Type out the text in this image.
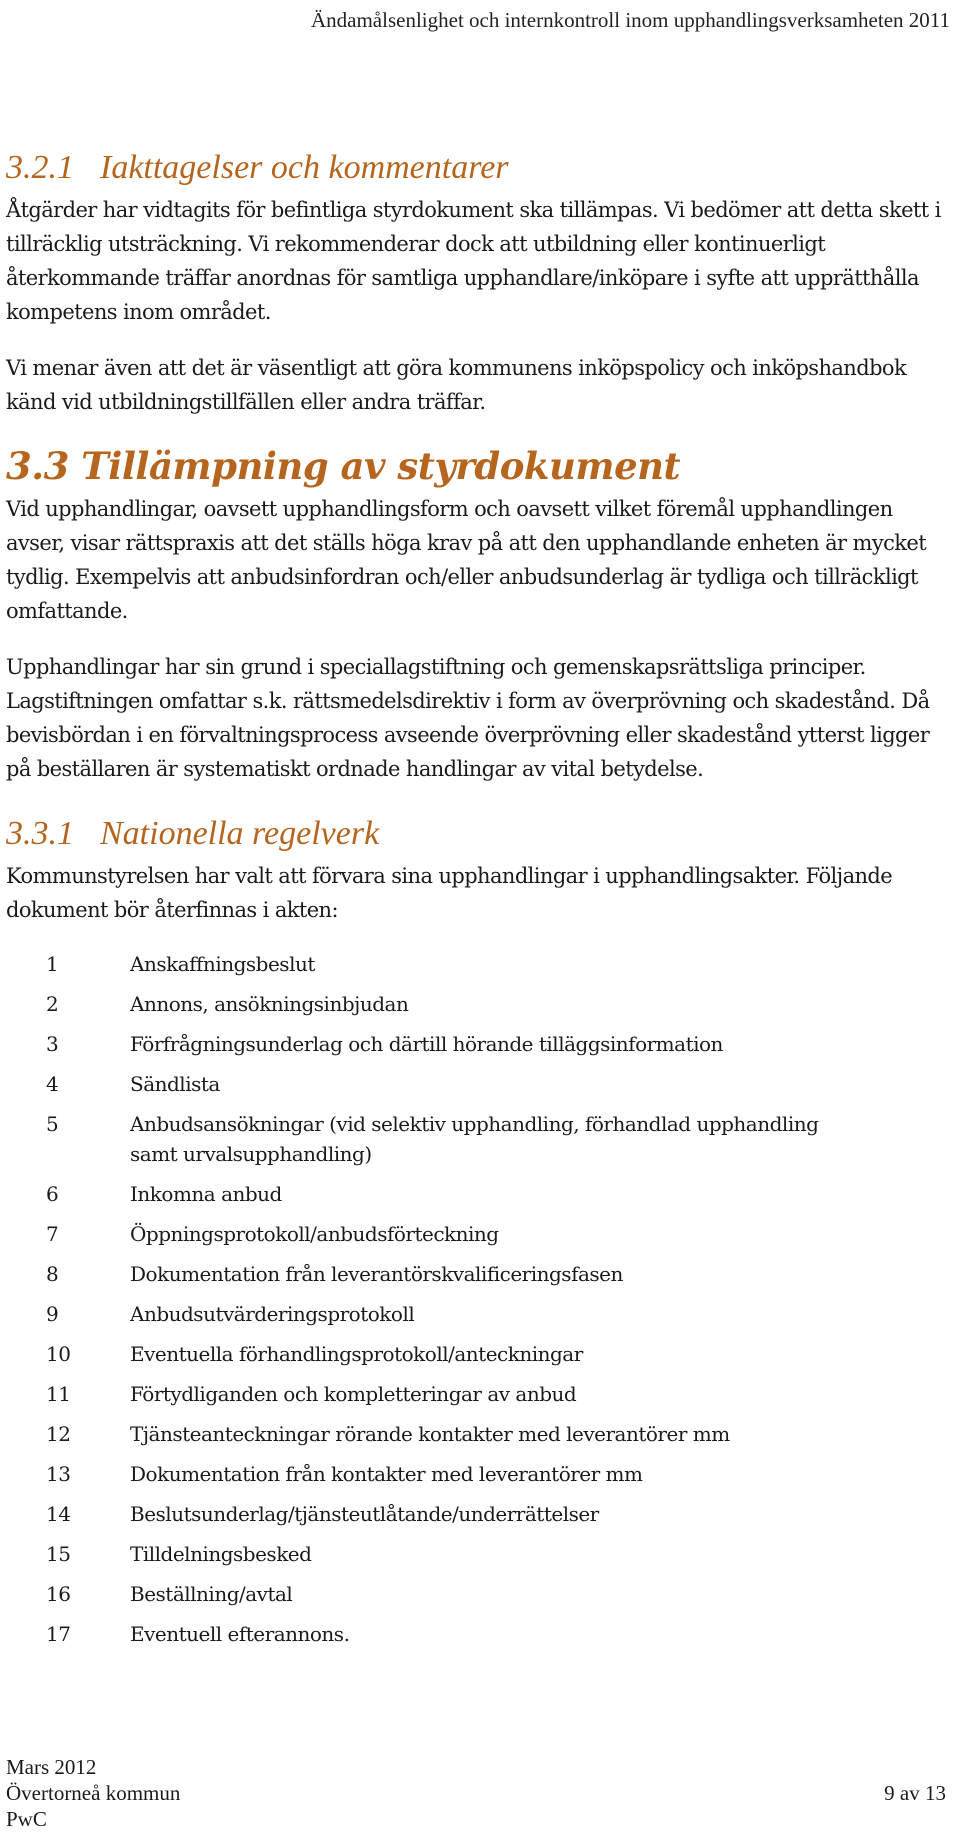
Ändamålsenlighet och internkontroll inom upphandlingsverksamheten 2011
3.2.1 Iakttagelser och kommentarer

Åtgärder har vidtagits för befintliga styrdokument ska tillämpas. Vi bedömer att detta skett i tillräcklig utsträckning. Vi rekommenderar dock att utbildning eller kontinuerligt återkommande träffar anordnas för samtliga upphandlare/inköpare i syfte att upprätthålla kompetens inom området.

Vi menar även att det är väsentligt att göra kommunens inköpspolicy och inköpshandbok känd vid utbildningstillfällen eller andra träffar.

3.3 Tillämpning av styrdokument

Vid upphandlingar, oavsett upphandlingsform och oavsett vilket föremål upphandlingen avser, visar rättspraxis att det ställs höga krav på att den upphandlande enheten är mycket tydlig. Exempelvis att anbudsinfordran och/eller anbudsunderlag är tydliga och tillräckligt omfattande.

Upphandlingar har sin grund i speciallagstiftning och gemenskapsrättsliga principer. Lagstiftningen omfattar s.k. rättsmedelsdirektiv i form av överprövning och skadestånd. Då bevisbördan i en förvaltningsprocess avseende överprövning eller skadestånd ytterst ligger på beställaren är systematiskt ordnade handlingar av vital betydelse.

3.3.1 Nationella regelverk

Kommunstyrelsen har valt att förvara sina upphandlingar i upphandlingsakter. Följande dokument bör återfinnas i akten:

1	Anskaffningsbeslut
2	Annons, ansökningsinbjudan
3	Förfrågningsunderlag och därtill hörande tilläggsinformation
4	Sändlista
5	Anbudsansökningar (vid selektiv upphandling, förhandlad upphandling samt urvalsupphandling)
6	Inkomna anbud
7	Öppningsprotokoll/anbudsförteckning
8	Dokumentation från leverantörskvalificeringsfasen
9	Anbudsutvärderingsprotokoll
10	Eventuella förhandlingsprotokoll/anteckningar
11	Förtydliganden och kompletteringar av anbud
12	Tjänsteanteckningar rörande kontakter med leverantörer mm
13	Dokumentation från kontakter med leverantörer mm
14	Beslutsunderlag/tjänsteutlåtande/underrättelser
15	Tilldelningsbesked
16	Beställning/avtal
17	Eventuell efterannons.
Mars 2012
Övertorneå kommun
PwC
9 av 13
